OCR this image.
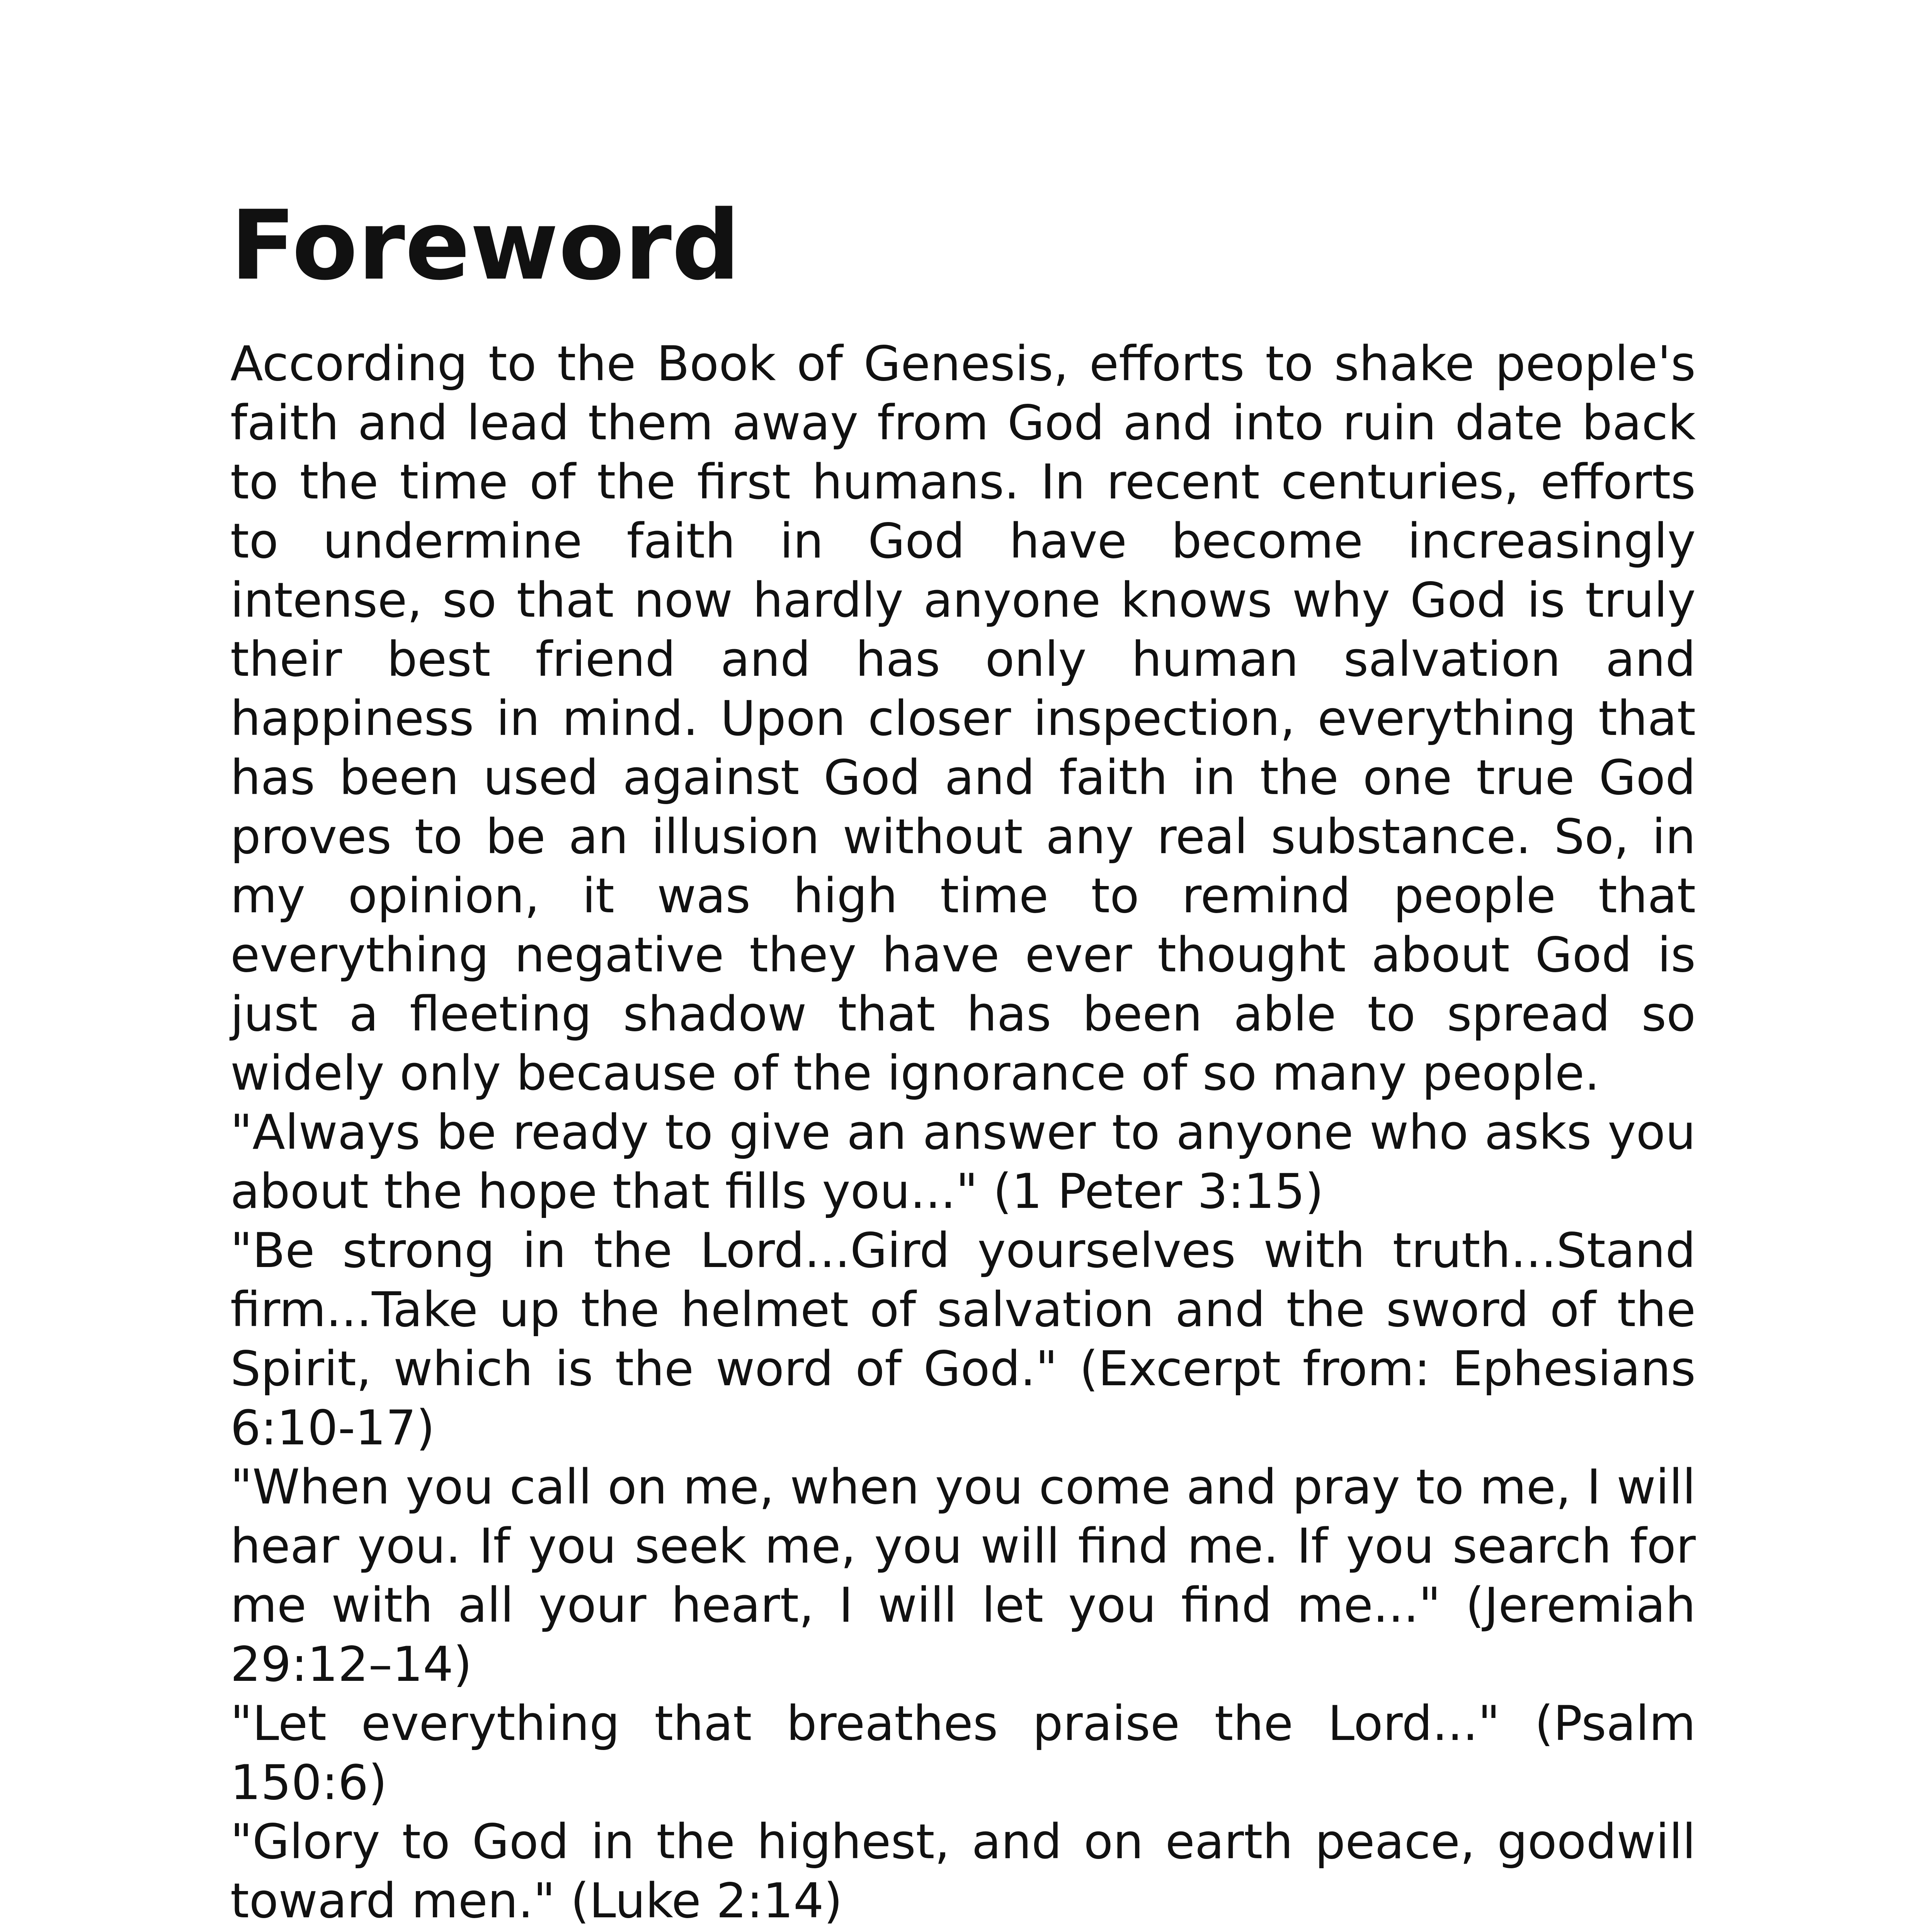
Foreword

According to the Book of Genesis, efforts to shake people's faith and lead them away from God and into ruin date back to the time of the first humans. In recent centuries, efforts to undermine faith in God have become increasingly intense, so that now hardly anyone knows why God is truly their best friend and has only human salvation and happiness in mind. Upon closer inspection, everything that has been used against God and faith in the one true God proves to be an illusion without any real substance. So, in my opinion, it was high time to remind people that everything negative they have ever thought about God is just a fleeting shadow that has been able to spread so widely only because of the ignorance of so many people.

"Always be ready to give an answer to anyone who asks you about the hope that fills you..." (1 Peter 3:15)

"Be strong in the Lord...Gird yourselves with truth...Stand firm...Take up the helmet of salvation and the sword of the Spirit, which is the word of God." (Excerpt from: Ephesians 6:10-17)

"When you call on me, when you come and pray to me, I will hear you. If you seek me, you will find me. If you search for me with all your heart, I will let you find me..." (Jeremiah 29:12–14)

"Let everything that breathes praise the Lord..." (Psalm 150:6)

"Glory to God in the highest, and on earth peace, goodwill toward men." (Luke 2:14)
